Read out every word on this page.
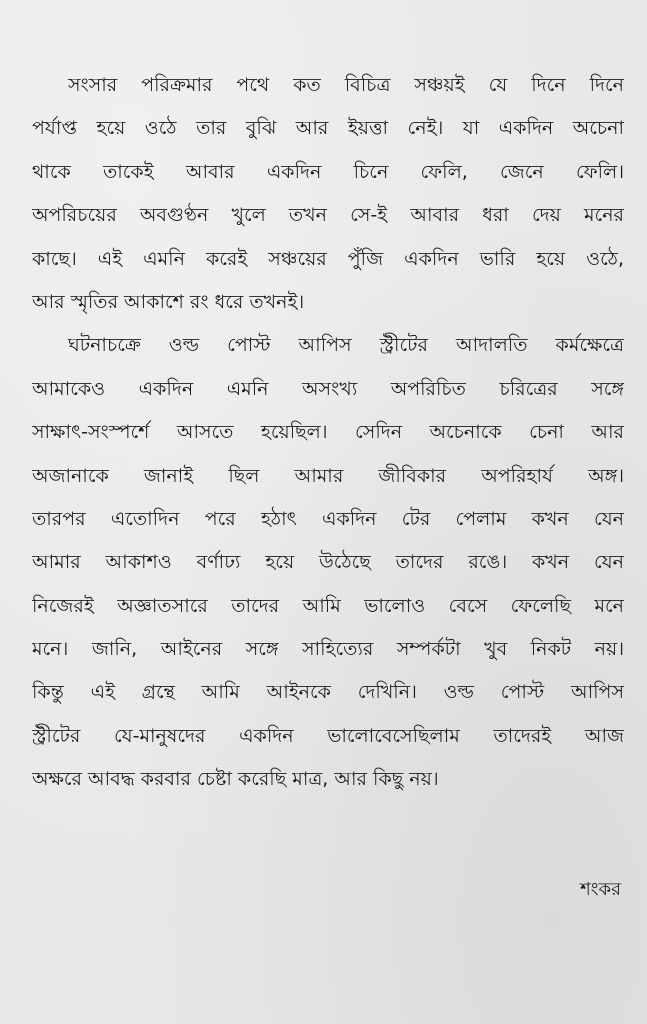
সংসার পরিক্রমার পথে কত বিচিত্র সঞ্চয়ই যে দিনে দিনে
পর্যাপ্ত হয়ে ওঠে তার বুঝি আর ইয়ত্তা নেই। যা একদিন অচেনা
থাকে তাকেই আবার একদিন চিনে ফেলি, জেনে ফেলি।
অপরিচয়ের অবগুণ্ঠন খুলে তখন সে-ই আবার ধরা দেয় মনের
কাছে। এই এমনি করেই সঞ্চয়ের পুঁজি একদিন ভারি হয়ে ওঠে,
আর স্মৃতির আকাশে রং ধরে তখনই।
ঘটনাচক্রে ওল্ড পোস্ট আপিস স্ট্রীটের আদালতি কর্মক্ষেত্রে
আমাকেও একদিন এমনি অসংখ্য অপরিচিত চরিত্রের সঙ্গে
সাক্ষাৎ-সংস্পর্শে আসতে হয়েছিল। সেদিন অচেনাকে চেনা আর
অজানাকে জানাই ছিল আমার জীবিকার অপরিহার্য অঙ্গ।
তারপর এতোদিন পরে হঠাৎ একদিন টের পেলাম কখন যেন
আমার আকাশও বর্ণাঢ্য হয়ে উঠেছে তাদের রঙে। কখন যেন
নিজেরই অজ্ঞাতসারে তাদের আমি ভালোও বেসে ফেলেছি মনে
মনে। জানি, আইনের সঙ্গে সাহিত্যের সম্পর্কটা খুব নিকট নয়।
কিন্তু এই গ্রন্থে আমি আইনকে দেখিনি। ওল্ড পোস্ট আপিস
স্ট্রীটের যে-মানুষদের একদিন ভালোবেসেছিলাম তাদেরই আজ
অক্ষরে আবদ্ধ করবার চেষ্টা করেছি মাত্র, আর কিছু নয়।
শংকর
